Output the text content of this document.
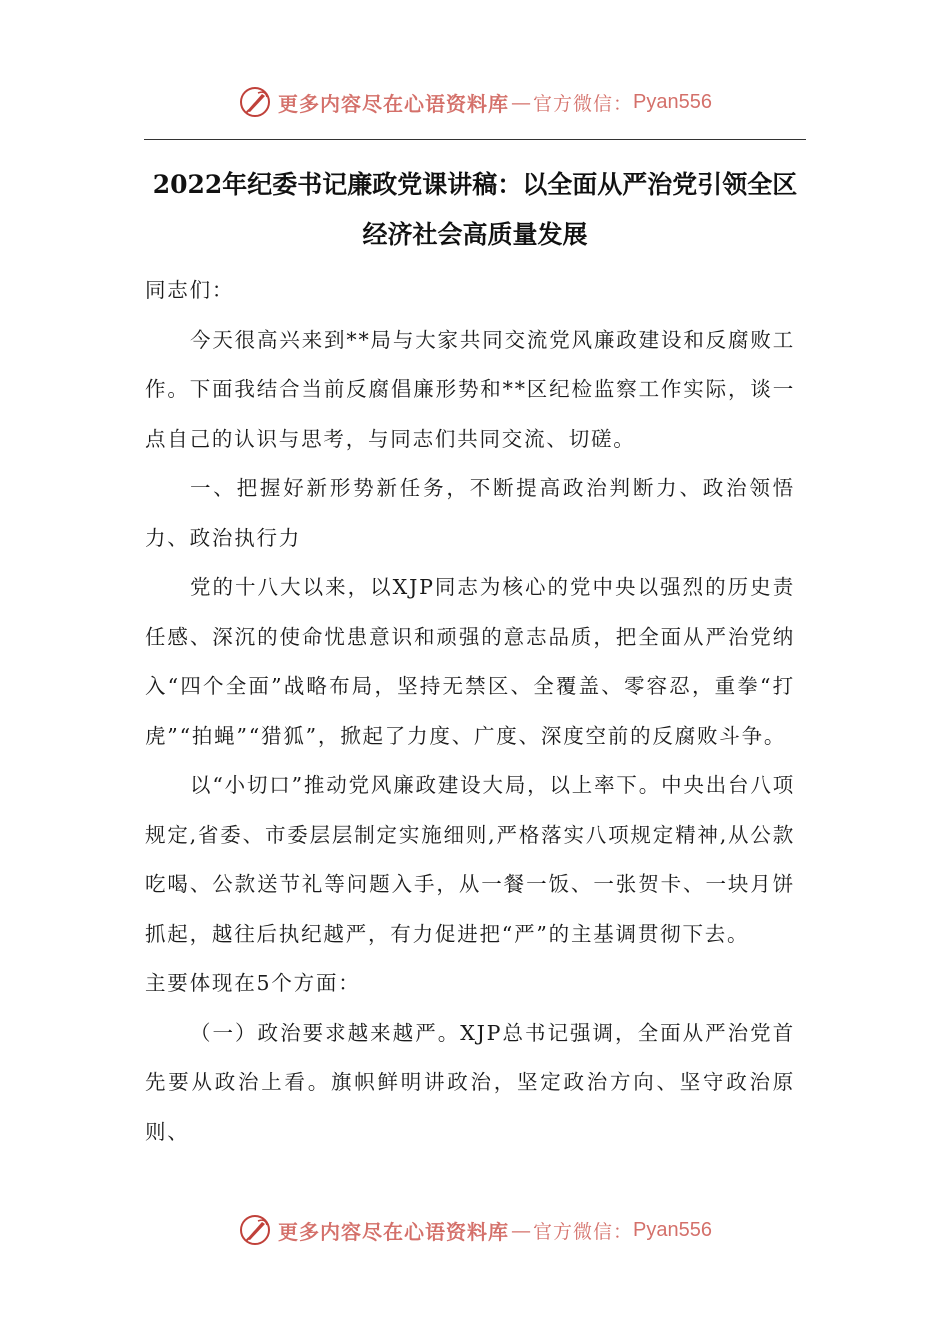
更多内容尽在心语资料库 — 官方微信： Pyan556
2022年纪委书记廉政党课讲稿：以全面从严治党引领全区
经济社会高质量发展

同志们：

今天很高兴来到**局与大家共同交流党风廉政建设和反腐败工作。下面我结合当前反腐倡廉形势和**区纪检监察工作实际，谈一点自己的认识与思考，与同志们共同交流、切磋。

一、把握好新形势新任务，不断提高政治判断力、政治领悟力、政治执行力

党的十八大以来，以XJP同志为核心的党中央以强烈的历史责任感、深沉的使命忧患意识和顽强的意志品质，把全面从严治党纳入“四个全面”战略布局，坚持无禁区、全覆盖、零容忍，重拳“打虎”“拍蝇”“猎狐”，掀起了力度、广度、深度空前的反腐败斗争。

以“小切口”推动党风廉政建设大局，以上率下。中央出台八项规定,省委、市委层层制定实施细则,严格落实八项规定精神,从公款吃喝、公款送节礼等问题入手，从一餐一饭、一张贺卡、一块月饼抓起，越往后执纪越严，有力促进把“严”的主基调贯彻下去。

主要体现在5个方面：

（一）政治要求越来越严。XJP总书记强调，全面从严治党首先要从政治上看。旗帜鲜明讲政治，坚定政治方向、坚守政治原则、

更多内容尽在心语资料库 — 官方微信： Pyan556
